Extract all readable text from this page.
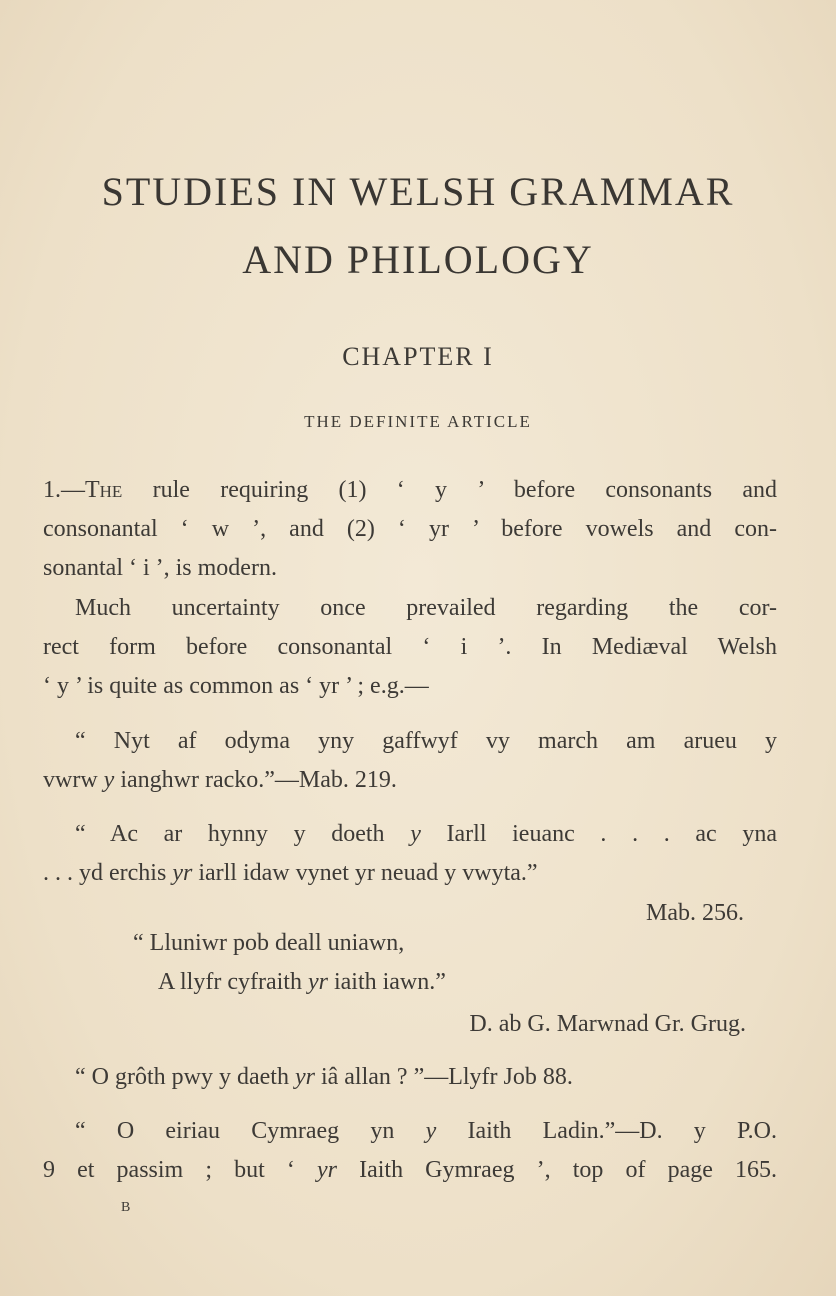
STUDIES IN WELSH GRAMMAR
AND PHILOLOGY
CHAPTER I
THE DEFINITE ARTICLE
1.—The rule requiring (1) ‘ y ’ before consonants and
consonantal ‘ w ’, and (2) ‘ yr ’ before vowels and con-
sonantal ‘ i ’, is modern.
Much uncertainty once prevailed regarding the cor-
rect form before consonantal ‘ i ’. In Mediæval Welsh
‘ y ’ is quite as common as ‘ yr ’ ; e.g.—
“ Nyt af odyma yny gaffwyf vy march am arueu y
vwrw y ianghwr racko.”—Mab. 219.
“ Ac ar hynny y doeth y Iarll ieuanc . . . ac yna
. . . yd erchis yr iarll idaw vynet yr neuad y vwyta.”
Mab. 256.
“ Lluniwr pob deall uniawn,
A llyfr cyfraith yr iaith iawn.”
D. ab G. Marwnad Gr. Grug.
“ O grôth pwy y daeth yr iâ allan ? ”—Llyfr Job 88.
“ O eiriau Cymraeg yn y Iaith Ladin.”—D. y P.O.
9 et passim ; but ‘ yr Iaith Gymraeg ’, top of page 165.
B
